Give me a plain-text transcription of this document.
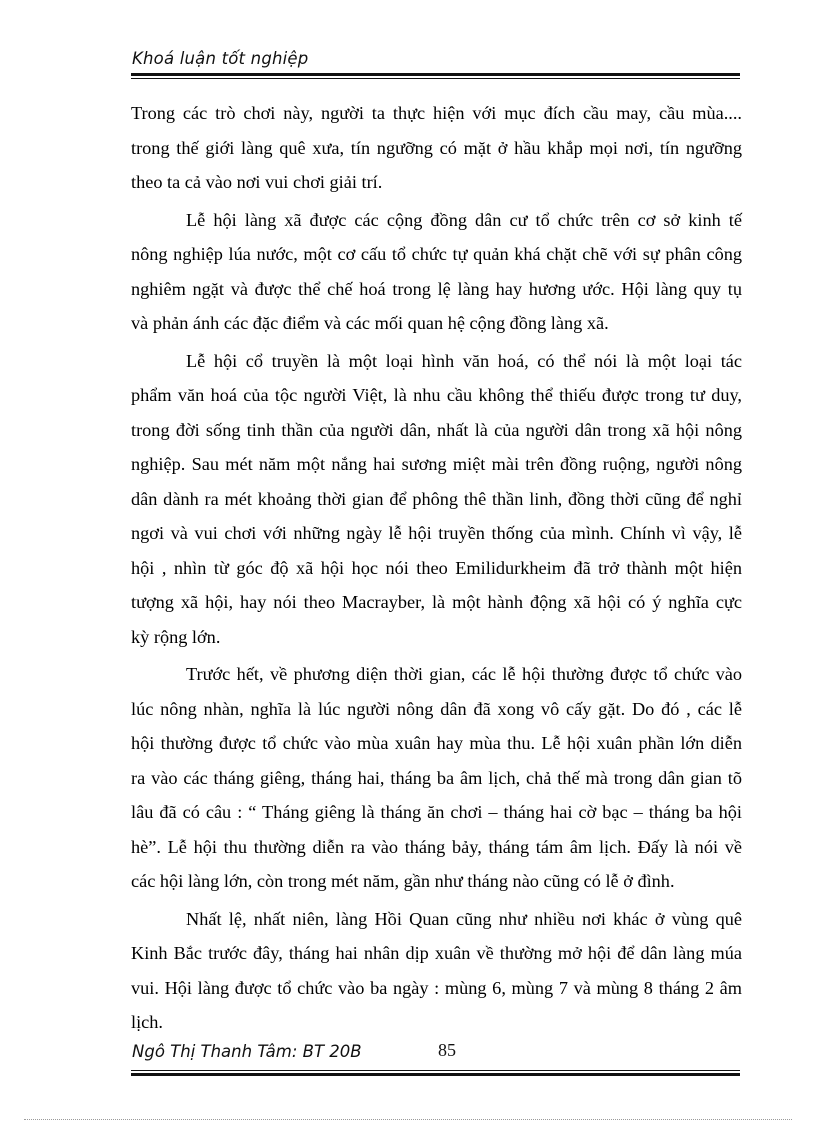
Khoá luận tốt nghiệp
Trong các trò chơi này, người ta thực hiện với mục đích cầu may, cầu mùa....
trong thế giới làng quê xưa, tín ngưỡng có mặt ở hầu khắp mọi nơi, tín ngưỡng
theo ta cả vào nơi vui chơi giải trí.
Lễ hội làng xã được các cộng đồng dân cư tổ chức trên cơ sở kinh tế
nông nghiệp lúa nước, một cơ cấu tổ chức tự quản khá chặt chẽ với sự phân công
nghiêm ngặt và được thể chế hoá trong lệ làng hay hương ước. Hội làng quy tụ
và phản ánh các đặc điểm và các mối quan hệ cộng đồng làng xã.
Lễ hội cổ truyền là một loại hình văn hoá, có thể nói là một loại tác
phẩm văn hoá của tộc người Việt, là nhu cầu không thể thiếu được trong tư duy,
trong đời sống tinh thần của người dân, nhất là của người dân trong xã hội nông
nghiệp. Sau mét năm một nắng hai sương miệt mài trên đồng ruộng, người nông
dân dành ra mét khoảng thời gian để phông thê thần linh, đồng thời cũng để nghỉ
ngơi và vui chơi với những ngày lễ hội truyền thống của mình. Chính vì vậy, lễ
hội , nhìn từ góc độ xã hội học nói theo Emilidurkheim đã trở thành một hiện
tượng xã hội, hay nói theo Macrayber, là một hành động xã hội có ý nghĩa cực
kỳ rộng lớn.
Trước hết, về phương diện thời gian, các lễ hội thường được tổ chức vào
lúc nông nhàn, nghĩa là lúc người nông dân đã xong vô cấy gặt. Do đó , các lễ
hội thường được tổ chức vào mùa xuân hay mùa thu. Lễ hội xuân phần lớn diễn
ra vào các tháng giêng, tháng hai, tháng ba âm lịch, chả thế mà trong dân gian tõ
lâu đã có câu : “ Tháng giêng là tháng ăn chơi – tháng hai cờ bạc – tháng ba hội
hè”. Lễ hội thu thường diễn ra vào tháng bảy, tháng tám âm lịch. Đấy là nói về
các hội làng lớn, còn trong mét năm, gần như tháng nào cũng có lễ ở đình.
Nhất lệ, nhất niên, làng Hồi Quan cũng như nhiều nơi khác ở vùng quê
Kinh Bắc trước đây, tháng hai nhân dịp xuân về thường mở hội để dân làng múa
vui. Hội làng được tổ chức vào ba ngày : mùng 6, mùng 7 và mùng 8 tháng 2 âm
lịch.
Ngô Thị Thanh Tâm: BT 20B	85
